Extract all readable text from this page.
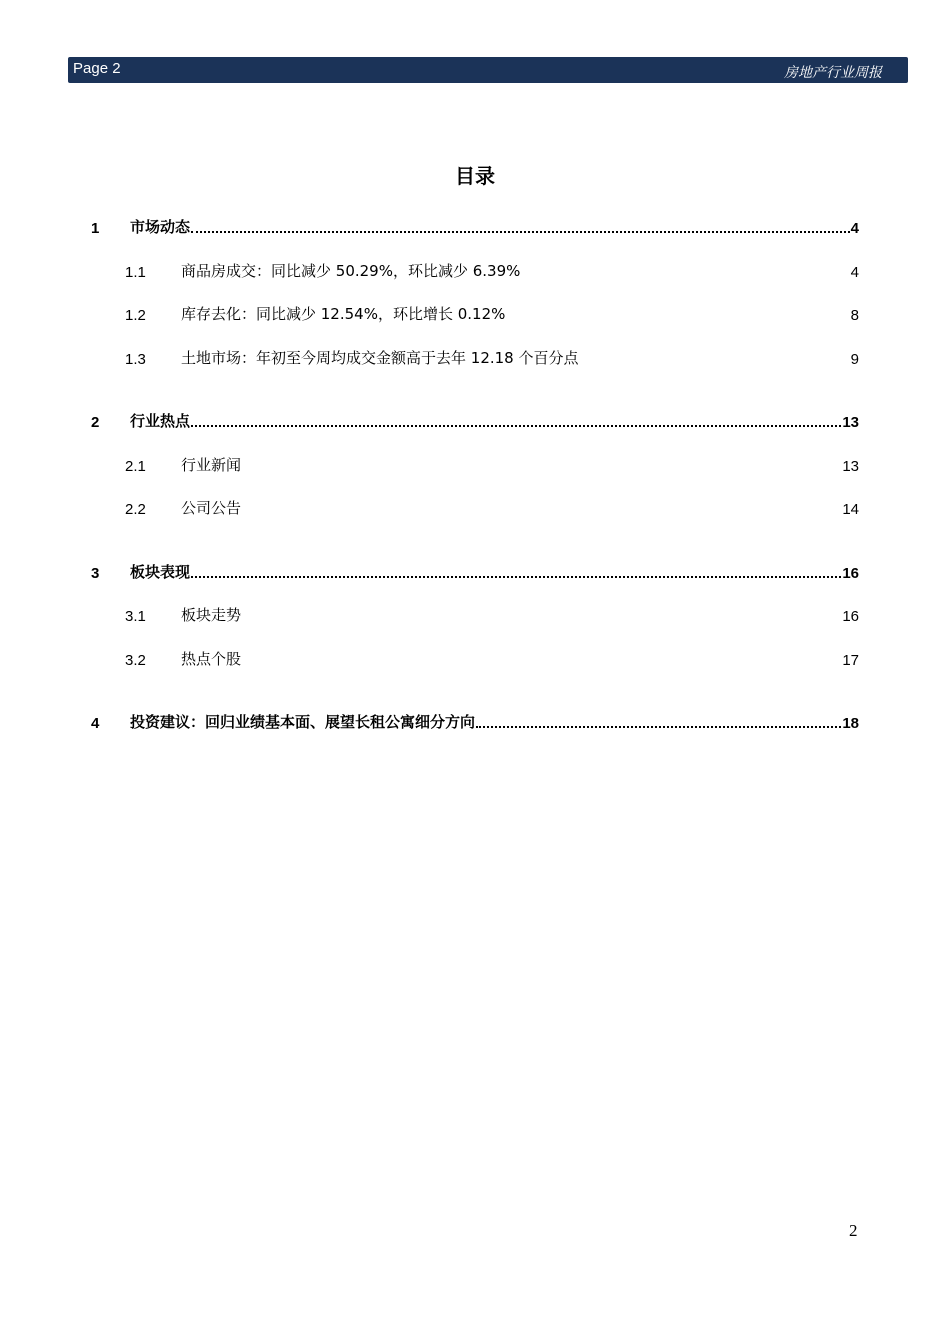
Page 2	房地产行业周报
目录
1	市场动态	4
1.1	商品房成交：同比减少 50.29%，环比减少 6.39%	4
1.2	库存去化：同比减少 12.54%，环比增长 0.12%	8
1.3	土地市场：年初至今周均成交金额高于去年 12.18 个百分点	9
2	行业热点	13
2.1	行业新闻	13
2.2	公司公告	14
3	板块表现	16
3.1	板块走势	16
3.2	热点个股	17
4	投资建议：回归业绩基本面、展望长租公寓细分方向	18
2
